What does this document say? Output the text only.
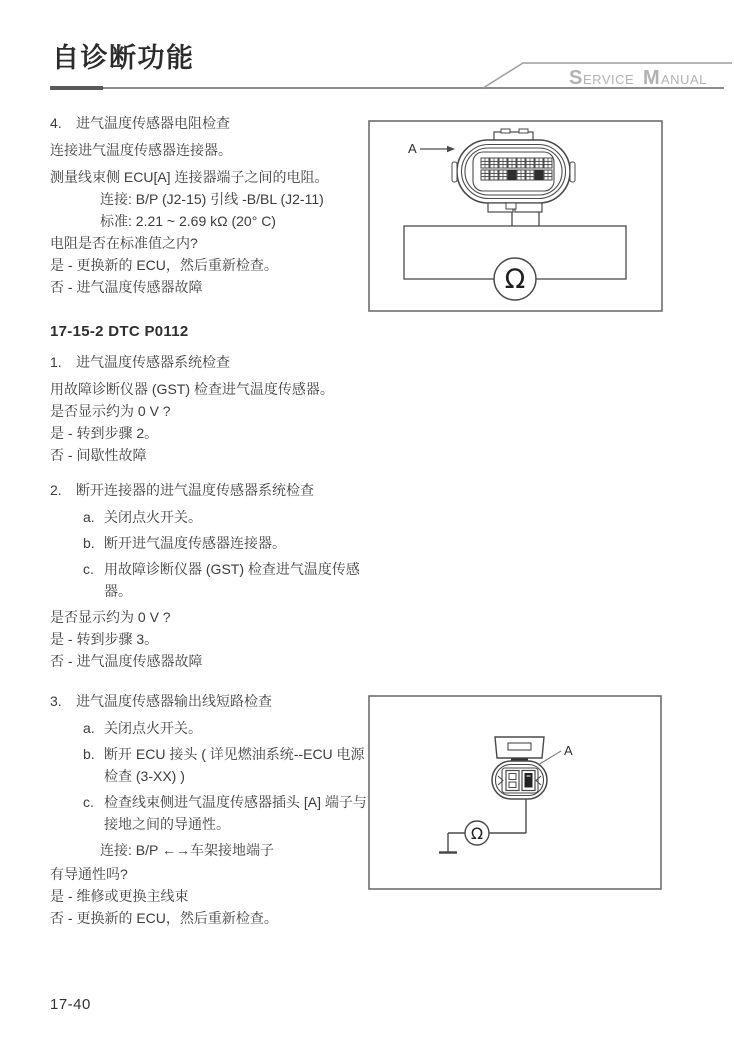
自诊断功能
S ERVICE M ANUAL
4.	进气温度传感器电阻检查
连接进气温度传感器连接器。
测量线束侧 ECU[A] 连接器端子之间的电阻。
连接: B/P (J2-15) 引线 -B/BL (J2-11)
标准: 2.21 ~ 2.69 kΩ (20° C)
电阻是否在标准值之内?
是 - 更换新的 ECU，然后重新检查。
否 - 进气温度传感器故障
A
Ω
17-15-2 DTC P0112
1.	进气温度传感器系统检查
用故障诊断仪器 (GST) 检查进气温度传感器。
是否显示约为 0 V ?
是 - 转到步骤 2。
否 - 间歇性故障
2.	断开连接器的进气温度传感器系统检查
a. 关闭点火开关。
b. 断开进气温度传感器连接器。
c. 用故障诊断仪器 (GST) 检查进气温度传感器。
是否显示约为 0 V ?
是 - 转到步骤 3。
否 - 进气温度传感器故障
3.	进气温度传感器输出线短路检查
a. 关闭点火开关。
b. 断开 ECU 接头 ( 详见燃油系统--ECU 电源检查 (3-XX) )
c. 检查线束侧进气温度传感器插头 [A] 端子与接地之间的导通性。
连接: B/P ←→车架接地端子
有导通性吗?
是 - 维修或更换主线束
否 - 更换新的 ECU，然后重新检查。
A
Ω
17-40
